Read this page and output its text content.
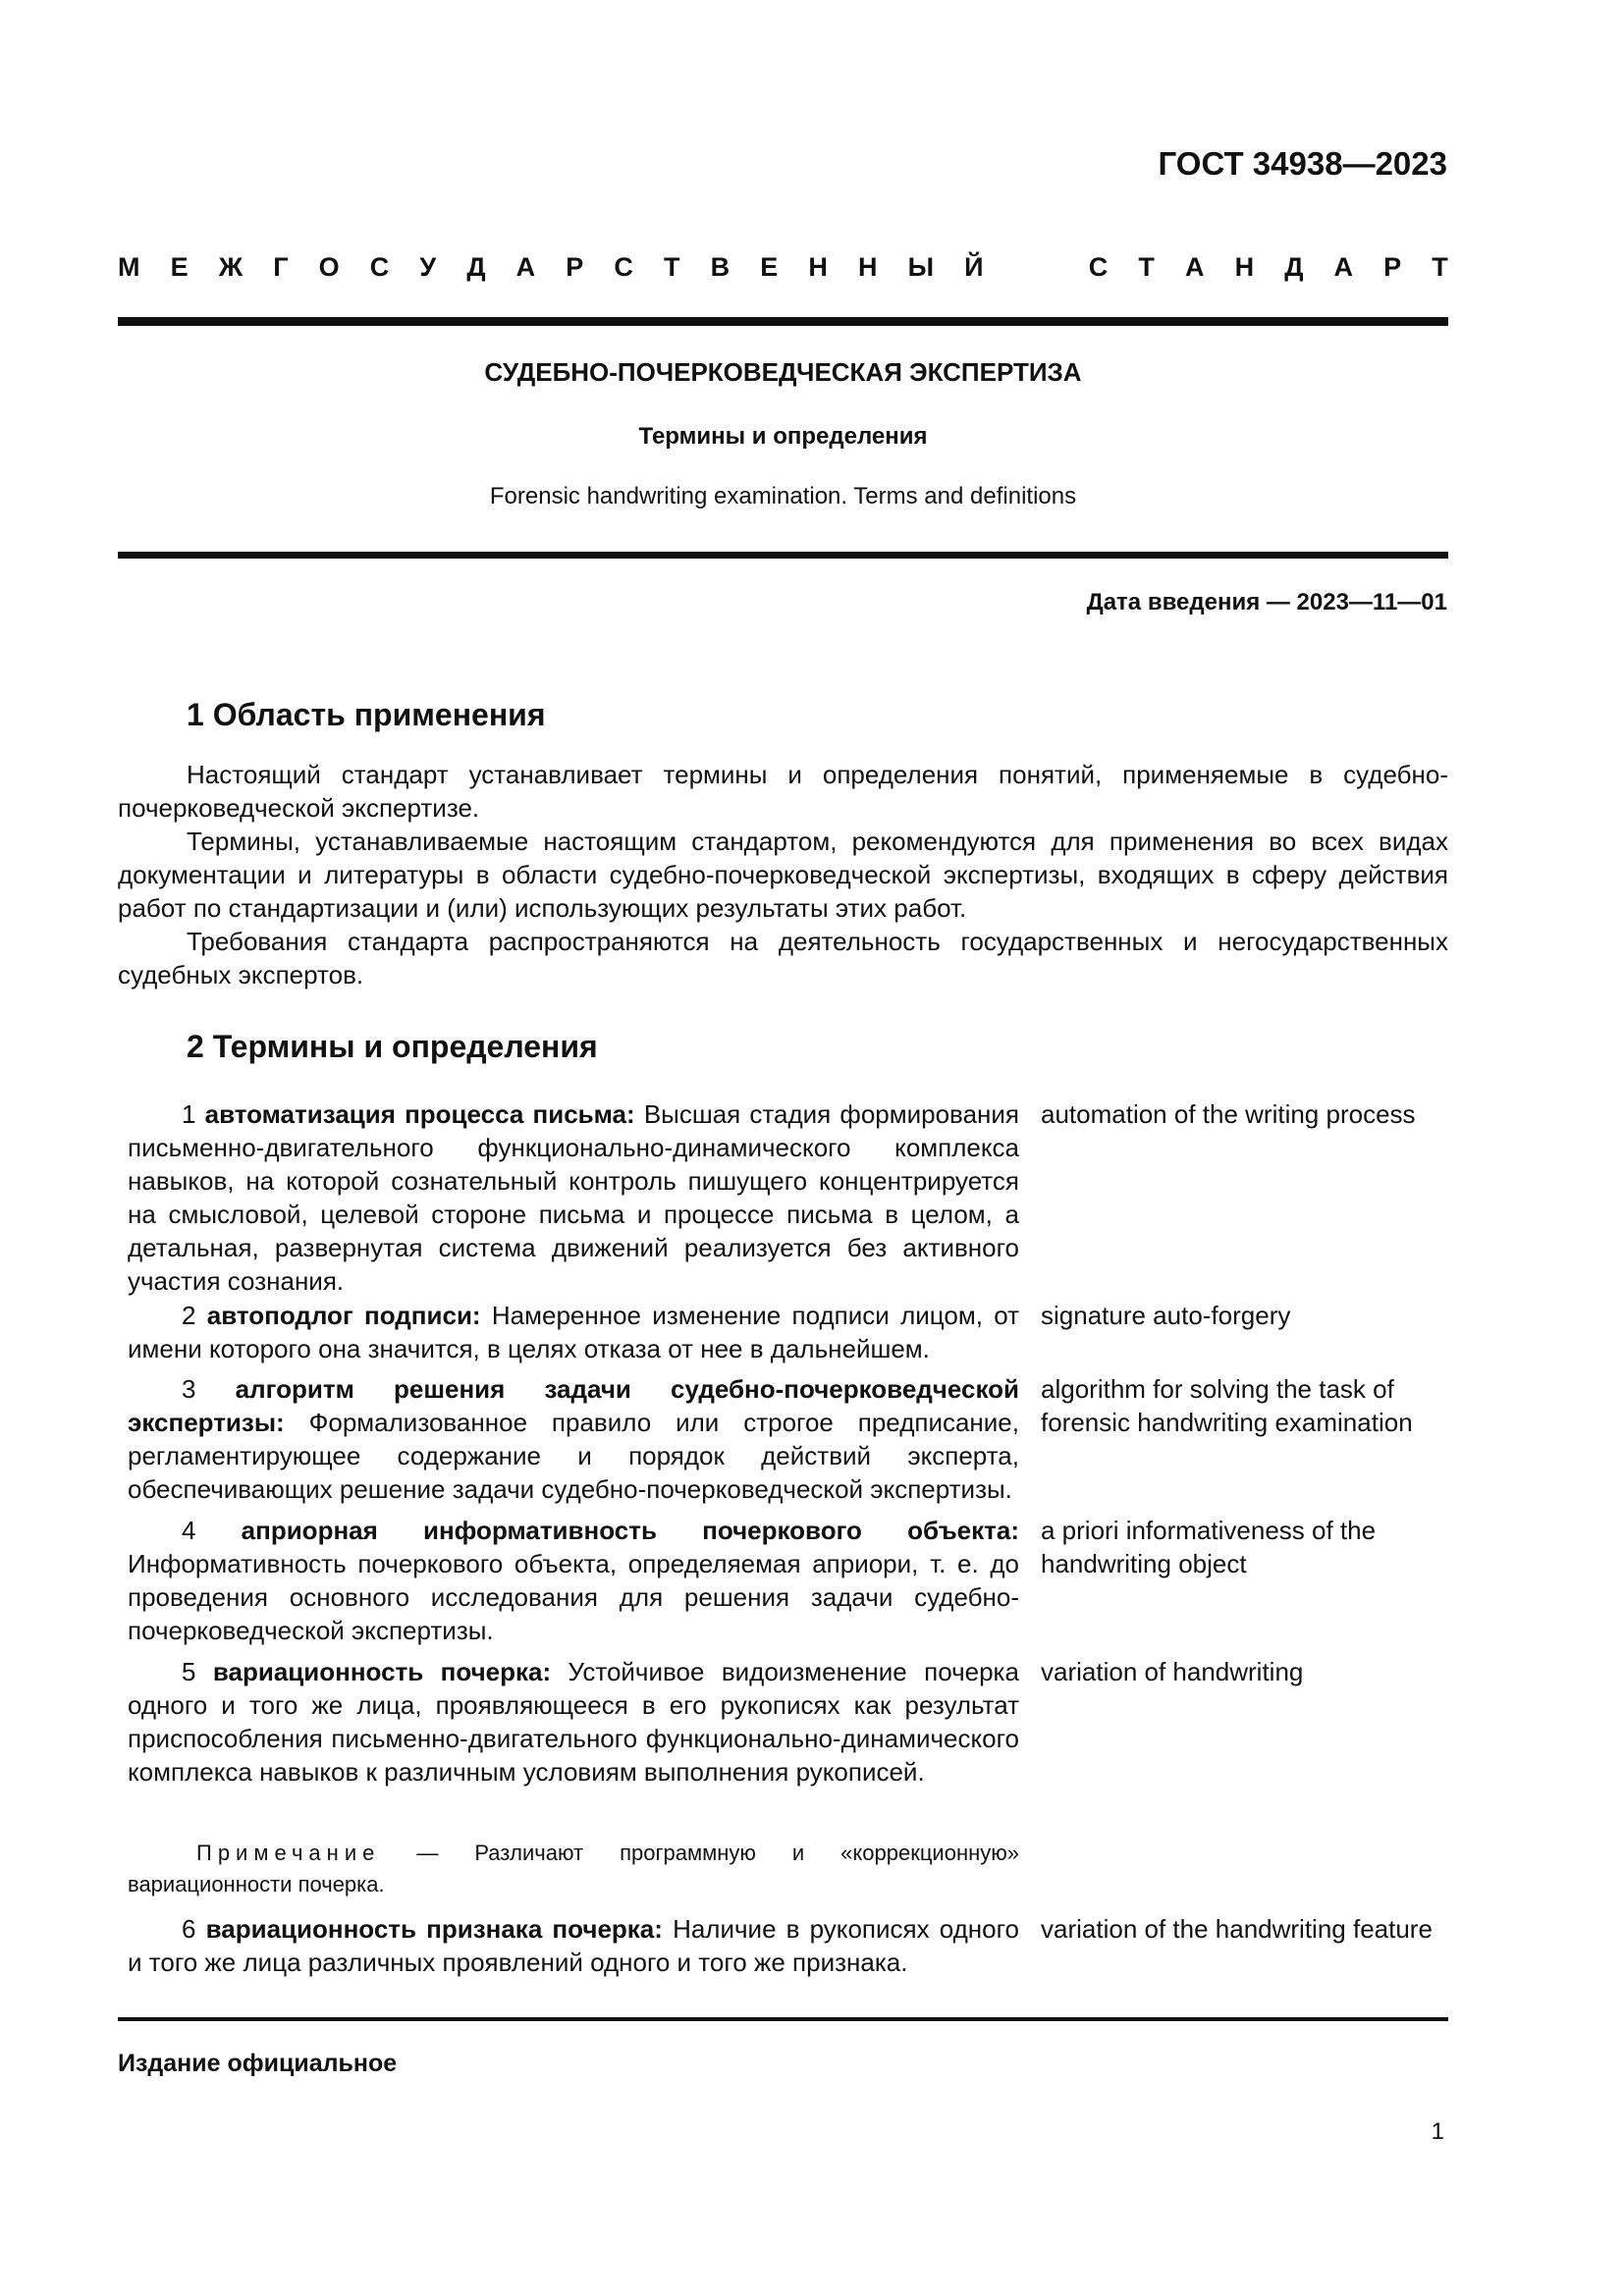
ГОСТ 34938—2023
М Е Ж Г О С У Д А Р С Т В Е Н Н Ы Й	С Т А Н Д А Р Т
СУДЕБНО-ПОЧЕРКОВЕДЧЕСКАЯ ЭКСПЕРТИЗА
Термины и определения
Forensic handwriting examination. Terms and definitions
Дата введения — 2023—11—01
1 Область применения

Настоящий стандарт устанавливает термины и определения понятий, применяемые в судебно-почерковедческой экспертизе.

Термины, устанавливаемые настоящим стандартом, рекомендуются для применения во всех видах документации и литературы в области судебно-почерковедческой экспертизы, входящих в сферу действия работ по стандартизации и (или) использующих результаты этих работ.

Требования стандарта распространяются на деятельность государственных и негосударственных судебных экспертов.

2 Термины и определения
1 автоматизация процесса письма: Высшая стадия формирования письменно-двигательного функционально-динамического комплекса навыков, на которой сознательный контроль пишущего концентрируется на смысловой, целевой стороне письма и процессе письма в целом, а детальная, развернутая система движений реализуется без активного участия сознания.
automation of the writing process
2 автоподлог подписи: Намеренное изменение подписи лицом, от имени которого она значится, в целях отказа от нее в дальнейшем.
signature auto-forgery
3 алгоритм решения задачи судебно-почерковедческой экспертизы: Формализованное правило или строгое предписание, регламентирующее содержание и порядок действий эксперта, обеспечивающих решение задачи судебно-почерковедческой экспертизы.
algorithm for solving the task of forensic handwriting examination
4 априорная информативность почеркового объекта: Информативность почеркового объекта, определяемая априори, т. е. до проведения основного исследования для решения задачи судебно-почерковедческой экспертизы.
a priori informativeness of the handwriting object
5 вариационность почерка: Устойчивое видоизменение почерка одного и того же лица, проявляющееся в его рукописях как результат приспособления письменно-двигательного функционально-динамического комплекса навыков к различным условиям выполнения рукописей.
variation of handwriting
Примечание — Различают программную и «коррекционную» вариационности почерка.
6 вариационность признака почерка: Наличие в рукописях одного и того же лица различных проявлений одного и того же признака.
variation of the handwriting feature
Издание официальное
1
